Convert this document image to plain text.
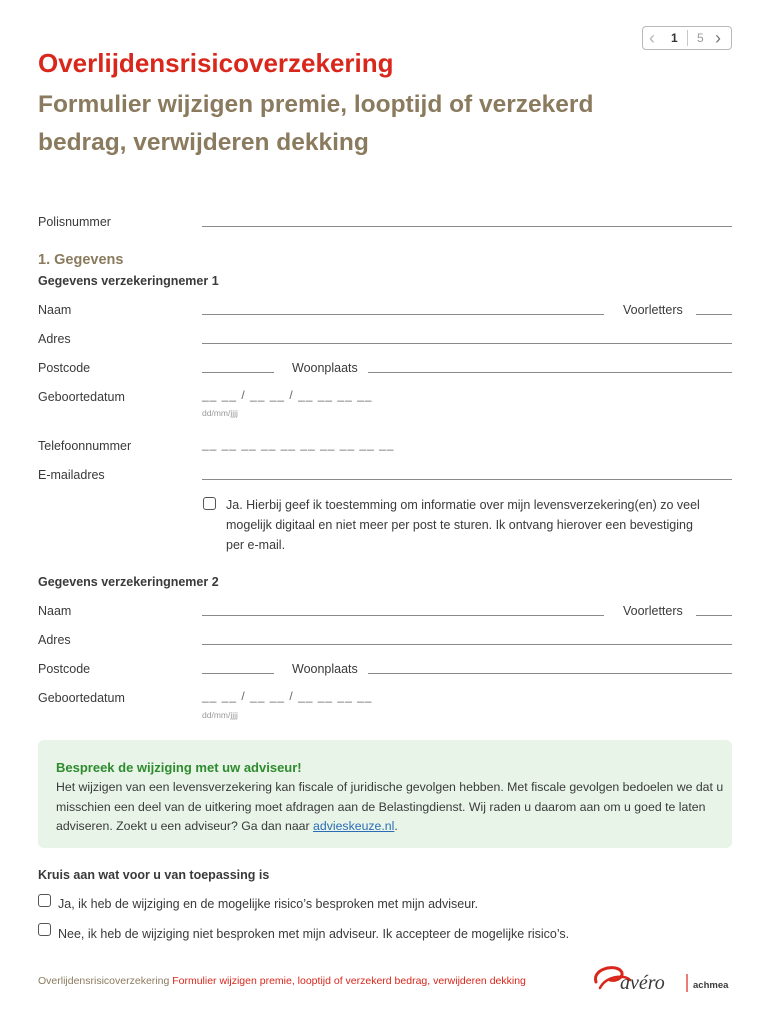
‹ 1 5 ›
Overlijdensrisicoverzekering
Formulier wijzigen premie, looptijd of verzekerd bedrag, verwijderen dekking
Polisnummer
1. Gegevens
Gegevens verzekeringnemer 1
Naam	Voorletters
Adres
Postcode	Woonplaats
Geboortedatum	__ __ / __ __ / __ __ __ __
dd/mm/jjjj
Telefoonnummer	__ __ __ __ __ __ __ __ __ __
E-mailadres
Ja. Hierbij geef ik toestemming om informatie over mijn levensverzekering(en) zo veel mogelijk digitaal en niet meer per post te sturen. Ik ontvang hierover een bevestiging per e-mail.
Gegevens verzekeringnemer 2
Naam	Voorletters
Adres
Postcode	Woonplaats
Geboortedatum	__ __ / __ __ / __ __ __ __
dd/mm/jjjj
Bespreek de wijziging met uw adviseur!
Het wijzigen van een levensverzekering kan fiscale of juridische gevolgen hebben. Met fiscale gevolgen bedoelen we dat u misschien een deel van de uitkering moet afdragen aan de Belastingdienst. Wij raden u daarom aan om u goed te laten adviseren. Zoekt u een adviseur? Ga dan naar advieskeuze.nl.
Kruis aan wat voor u van toepassing is
Ja, ik heb de wijziging en de mogelijke risico’s besproken met mijn adviseur.
Nee, ik heb de wijziging niet besproken met mijn adviseur. Ik accepteer de mogelijke risico’s.
Overlijdensrisicoverzekering Formulier wijzigen premie, looptijd of verzekerd bedrag, verwijderen dekking	avéro	achmea
